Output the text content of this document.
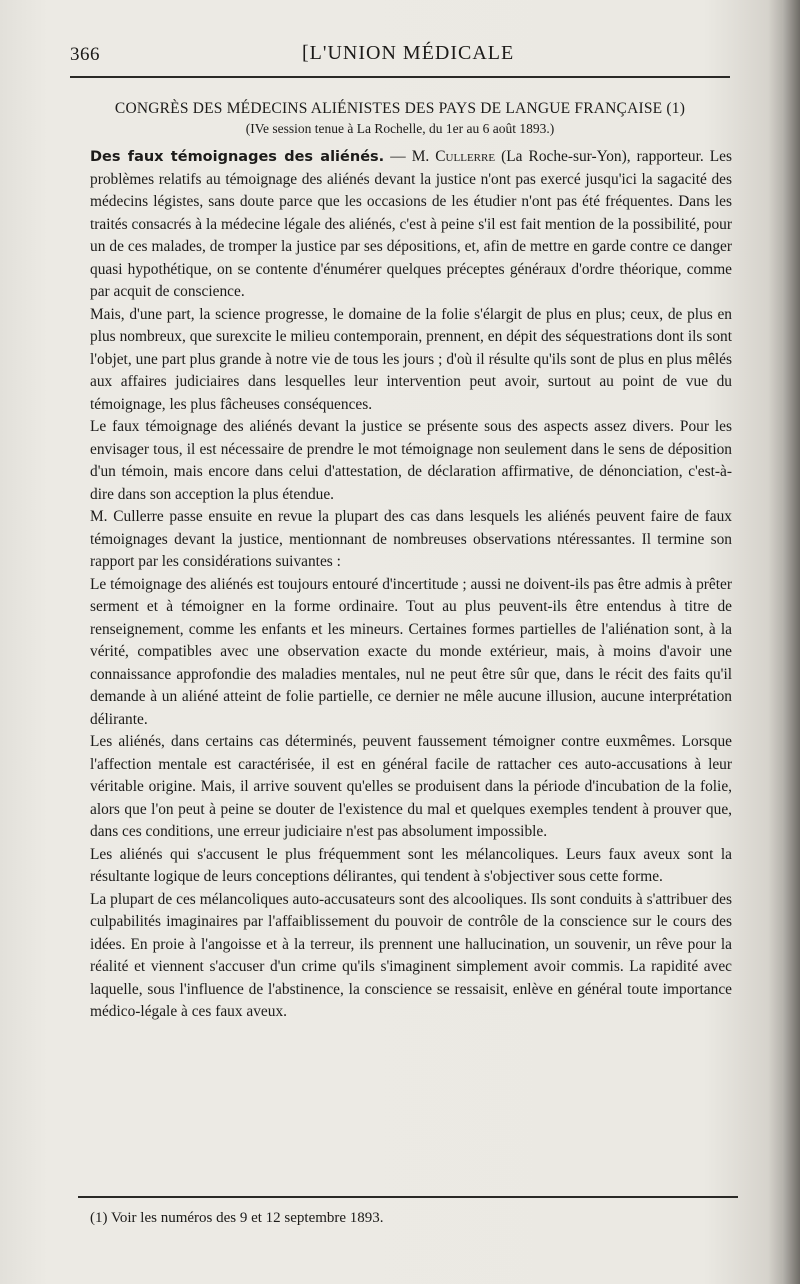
366	[L'UNION MÉDICALE
CONGRÈS DES MÉDECINS ALIÉNISTES DES PAYS DE LANGUE FRANÇAISE (1)
(IVe session tenue à La Rochelle, du 1er au 6 août 1893.)

Des faux témoignages des aliénés. — M. Cullerre (La Roche-sur-Yon), rapporteur. Les problèmes relatifs au témoignage des aliénés devant la justice n'ont pas exercé jusqu'ici la sagacité des médecins légistes, sans doute parce que les occasions de les étudier n'ont pas été fréquentes. Dans les traités consacrés à la médecine légale des aliénés, c'est à peine s'il est fait mention de la possibilité, pour un de ces malades, de tromper la justice par ses dépositions, et, afin de mettre en garde contre ce danger quasi hypothétique, on se contente d'énumérer quelques préceptes généraux d'ordre théorique, comme par acquit de conscience.

Mais, d'une part, la science progresse, le domaine de la folie s'élargit de plus en plus; ceux, de plus en plus nombreux, que surexcite le milieu contemporain, prennent, en dépit des séquestrations dont ils sont l'objet, une part plus grande à notre vie de tous les jours ; d'où il résulte qu'ils sont de plus en plus mêlés aux affaires judiciaires dans lesquelles leur intervention peut avoir, surtout au point de vue du témoignage, les plus fâcheuses conséquences.

Le faux témoignage des aliénés devant la justice se présente sous des aspects assez divers. Pour les envisager tous, il est nécessaire de prendre le mot témoignage non seulement dans le sens de déposition d'un témoin, mais encore dans celui d'attestation, de déclaration affirmative, de dénonciation, c'est-à-dire dans son acception la plus étendue.

M. Cullerre passe ensuite en revue la plupart des cas dans lesquels les aliénés peuvent faire de faux témoignages devant la justice, mentionnant de nombreuses observations ntéressantes. Il termine son rapport par les considérations suivantes :

Le témoignage des aliénés est toujours entouré d'incertitude ; aussi ne doivent-ils pas être admis à prêter serment et à témoigner en la forme ordinaire. Tout au plus peuvent-ils être entendus à titre de renseignement, comme les enfants et les mineurs. Certaines formes partielles de l'aliénation sont, à la vérité, compatibles avec une observation exacte du monde extérieur, mais, à moins d'avoir une connaissance approfondie des maladies mentales, nul ne peut être sûr que, dans le récit des faits qu'il demande à un aliéné atteint de folie partielle, ce dernier ne mêle aucune illusion, aucune interprétation délirante.

Les aliénés, dans certains cas déterminés, peuvent faussement témoigner contre euxmêmes. Lorsque l'affection mentale est caractérisée, il est en général facile de rattacher ces auto-accusations à leur véritable origine. Mais, il arrive souvent qu'elles se produisent dans la période d'incubation de la folie, alors que l'on peut à peine se douter de l'existence du mal et quelques exemples tendent à prouver que, dans ces conditions, une erreur judiciaire n'est pas absolument impossible.

Les aliénés qui s'accusent le plus fréquemment sont les mélancoliques. Leurs faux aveux sont la résultante logique de leurs conceptions délirantes, qui tendent à s'objectiver sous cette forme.

La plupart de ces mélancoliques auto-accusateurs sont des alcooliques. Ils sont conduits à s'attribuer des culpabilités imaginaires par l'affaiblissement du pouvoir de contrôle de la conscience sur le cours des idées. En proie à l'angoisse et à la terreur, ils prennent une hallucination, un souvenir, un rêve pour la réalité et viennent s'accuser d'un crime qu'ils s'imaginent simplement avoir commis. La rapidité avec laquelle, sous l'influence de l'abstinence, la conscience se ressaisit, enlève en général toute importance médico-légale à ces faux aveux.

(1) Voir les numéros des 9 et 12 septembre 1893.
